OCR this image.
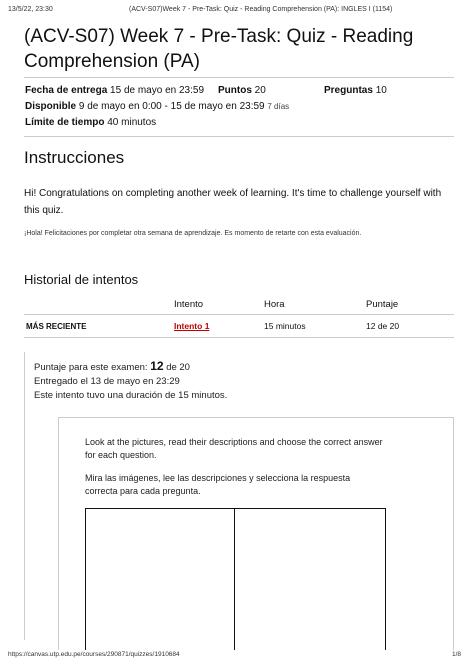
13/5/22, 23:30	(ACV-S07)Week 7 - Pre-Task: Quiz - Reading Comprehension (PA): INGLES I (1154)
(ACV-S07) Week 7 - Pre-Task: Quiz - Reading Comprehension (PA)
Fecha de entrega 15 de mayo en 23:59 Puntos 20	Preguntas 10
Disponible 9 de mayo en 0:00 - 15 de mayo en 23:59 7 días
Límite de tiempo 40 minutos
Instrucciones
Hi! Congratulations on completing another week of learning. It's time to challenge yourself with this quiz.
¡Hola! Felicitaciones por completar otra semana de aprendizaje. Es momento de retarte con esta evaluación.
Historial de intentos
	Intento	Hora	Puntaje
MÁS RECIENTE	Intento 1	15 minutos	12 de 20
Puntaje para este examen: 12 de 20
Entregado el 13 de mayo en 23:29
Este intento tuvo una duración de 15 minutos.
Look at the pictures, read their descriptions and choose the correct answer for each question.
Mira las imágenes, lee las descripciones y selecciona la respuesta correcta para cada pregunta.
https://canvas.utp.edu.pe/courses/290871/quizzes/1910684	1/8
